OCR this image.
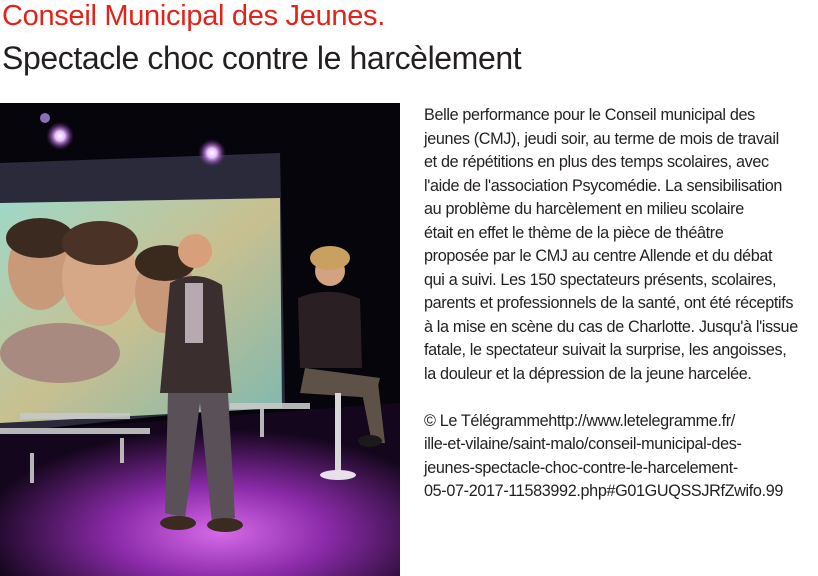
Conseil Municipal des Jeunes.
Spectacle choc contre le harcèlement
Belle performance pour le Conseil municipal des
jeunes (CMJ), jeudi soir, au terme de mois de travail
et de répétitions en plus des temps scolaires, avec
l'aide de l'association Psycomédie. La sensibilisation
au problème du harcèlement en milieu scolaire
était en effet le thème de la pièce de théâtre
proposée par le CMJ au centre Allende et du débat
qui a suivi. Les 150 spectateurs présents, scolaires,
parents et professionnels de la santé, ont été réceptifs
à la mise en scène du cas de Charlotte. Jusqu'à l'issue
fatale, le spectateur suivait la surprise, les angoisses,
la douleur et la dépression de la jeune harcelée.
© Le Télégrammehttp://www.letelegramme.fr/
ille-et-vilaine/saint-malo/conseil-municipal-des-
jeunes-spectacle-choc-contre-le-harcelement-
05-07-2017-11583992.php#G01GUQSSJRfZwifo.99
